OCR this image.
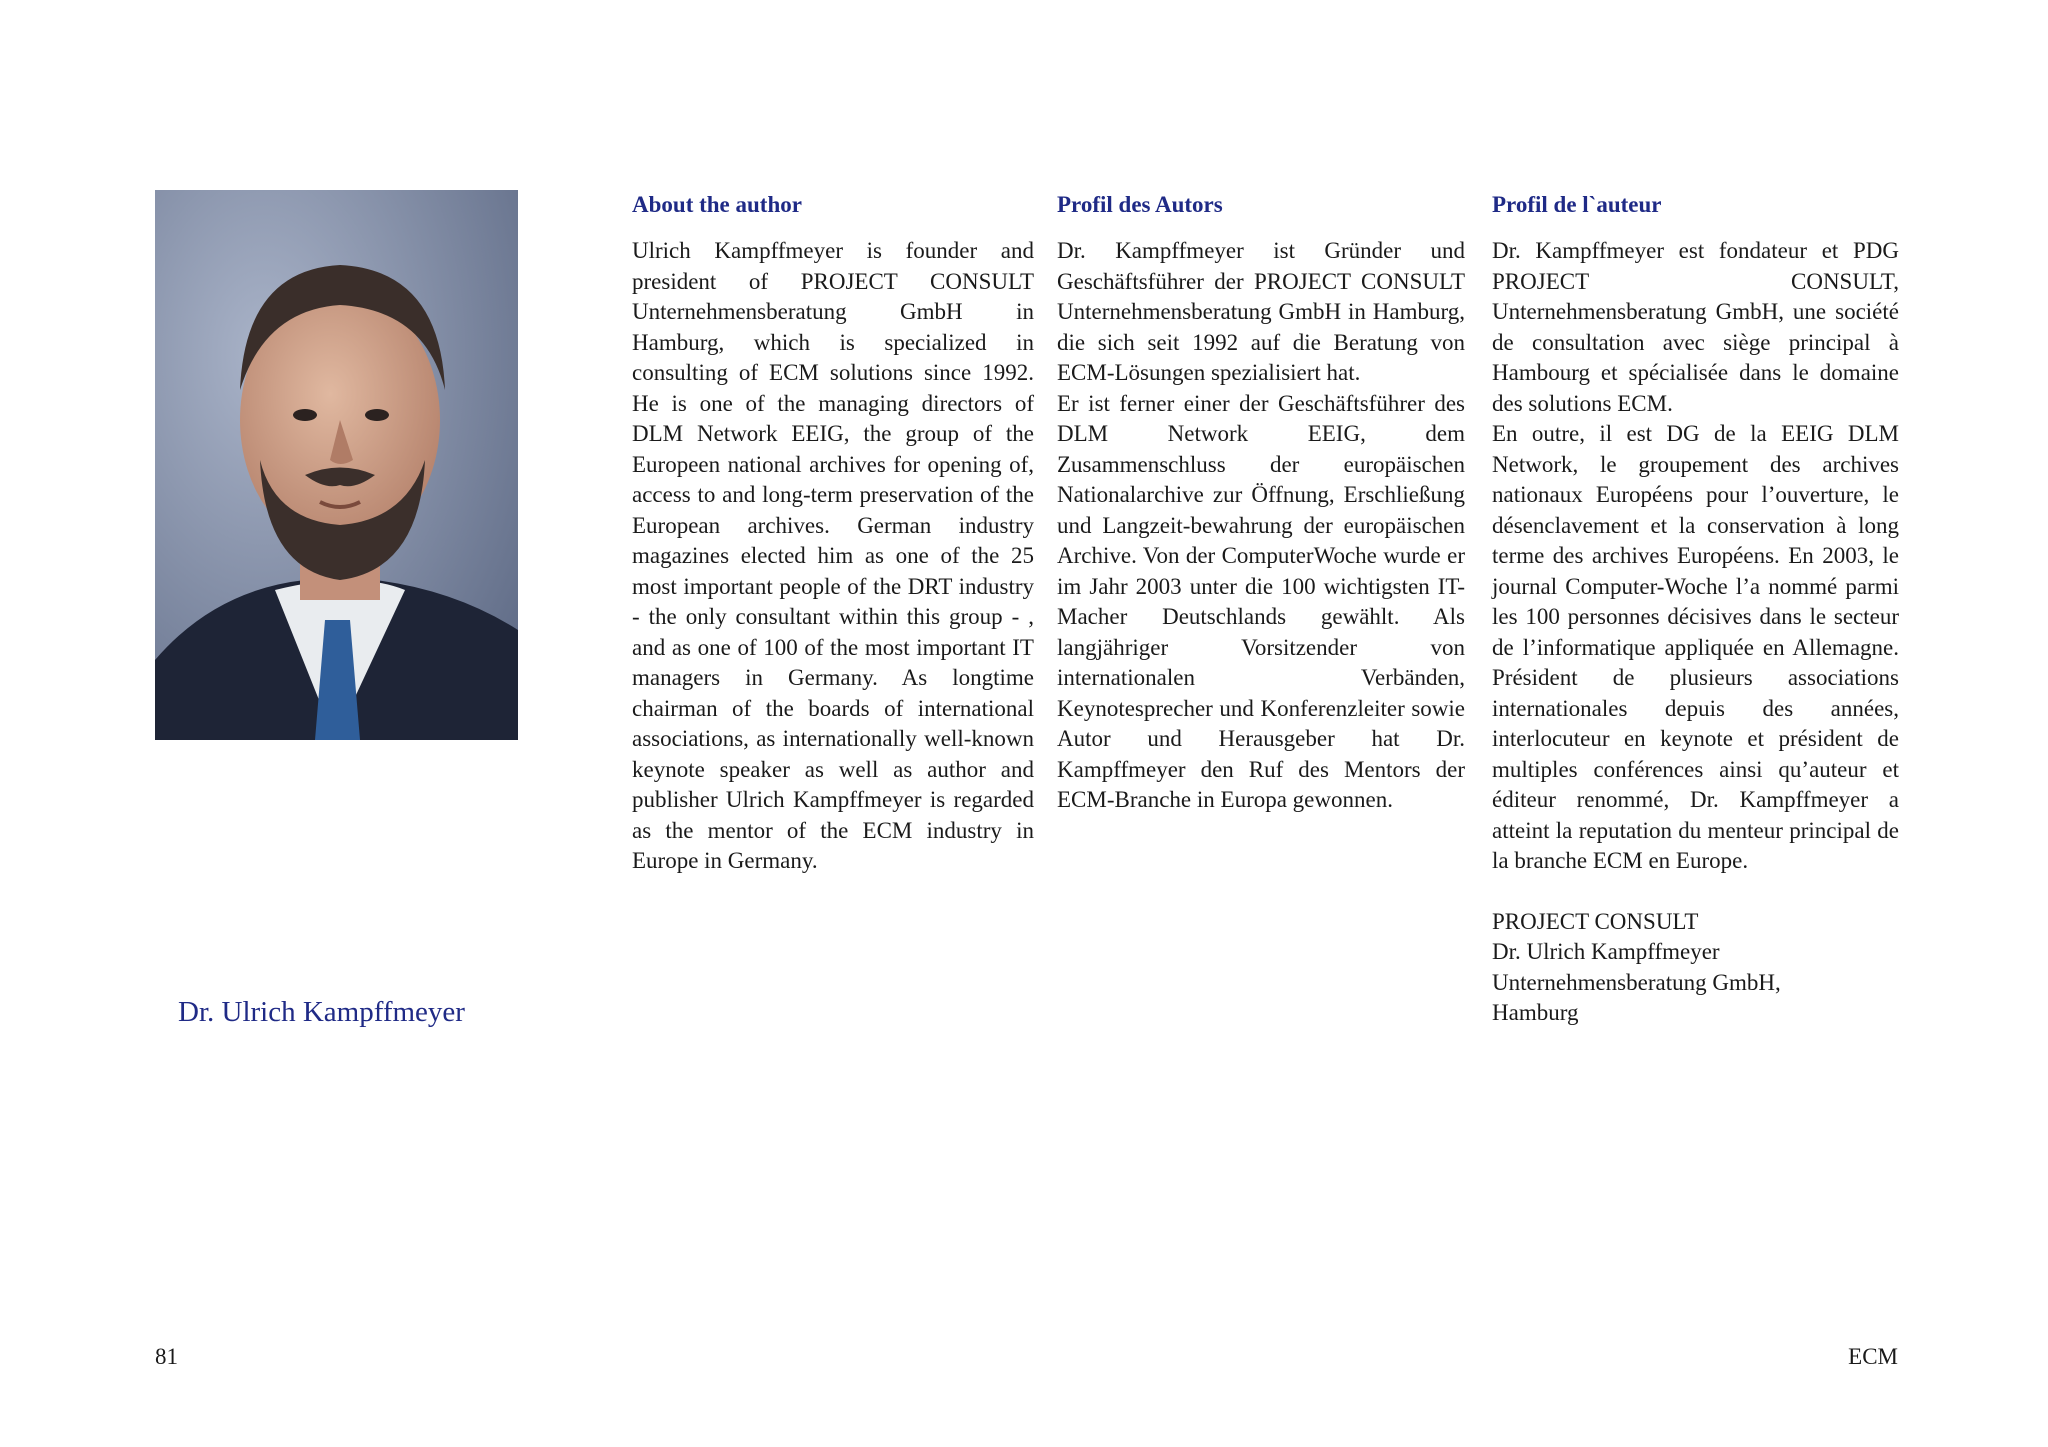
Dr. Ulrich Kampffmeyer
About the author

Ulrich Kampffmeyer is founder and president of PROJECT CONSULT Unternehmensberatung GmbH in Hamburg, which is specialized in consulting of ECM solutions since 1992. He is one of the managing directors of DLM Network EEIG, the group of the Europeen national archives for opening of, access to and long-term preservation of the European archives. German industry magazines elected him as one of the 25 most important people of the DRT industry - the only consultant within this group - , and as one of 100 of the most important IT managers in Germany. As longtime chairman of the boards of international associations, as internationally well-known keynote speaker as well as author and publisher Ulrich Kampffmeyer is regarded as the mentor of the ECM industry in Europe in Germany.

Profil des Autors

Dr. Kampffmeyer ist Gründer und Geschäftsführer der PROJECT CONSULT Unternehmensberatung GmbH in Hamburg, die sich seit 1992 auf die Beratung von ECM-Lösungen spezialisiert hat.

Er ist ferner einer der Geschäftsführer des DLM Network EEIG, dem Zusammenschluss der europäischen Nationalarchive zur Öffnung, Erschließung und Langzeit-bewahrung der europäischen Archive. Von der ComputerWoche wurde er im Jahr 2003 unter die 100 wichtigsten IT-Macher Deutschlands gewählt. Als langjähriger Vorsitzender von internationalen Verbänden, Keynotesprecher und Konferenzleiter sowie Autor und Herausgeber hat Dr. Kampffmeyer den Ruf des Mentors der ECM-Branche in Europa gewonnen.

Profil de l`auteur

Dr. Kampffmeyer est fondateur et PDG PROJECT CONSULT, Unternehmensberatung GmbH, une société de consultation avec siège principal à Hambourg et spécialisée dans le domaine des solutions ECM.

En outre, il est DG de la EEIG DLM Network, le groupement des archives nationaux Européens pour l’ouverture, le désenclavement et la conservation à long terme des archives Européens. En 2003, le journal Computer-Woche l’a nommé parmi les 100 personnes décisives dans le secteur de l’informatique appliquée en Allemagne. Président de plusieurs associations internationales depuis des années, interlocuteur en keynote et président de multiples conférences ainsi qu’auteur et éditeur renommé, Dr. Kampffmeyer a atteint la reputation du menteur principal de la branche ECM en Europe.

PROJECT CONSULT
Dr. Ulrich Kampffmeyer
Unternehmensberatung GmbH,
Hamburg
81	ECM
